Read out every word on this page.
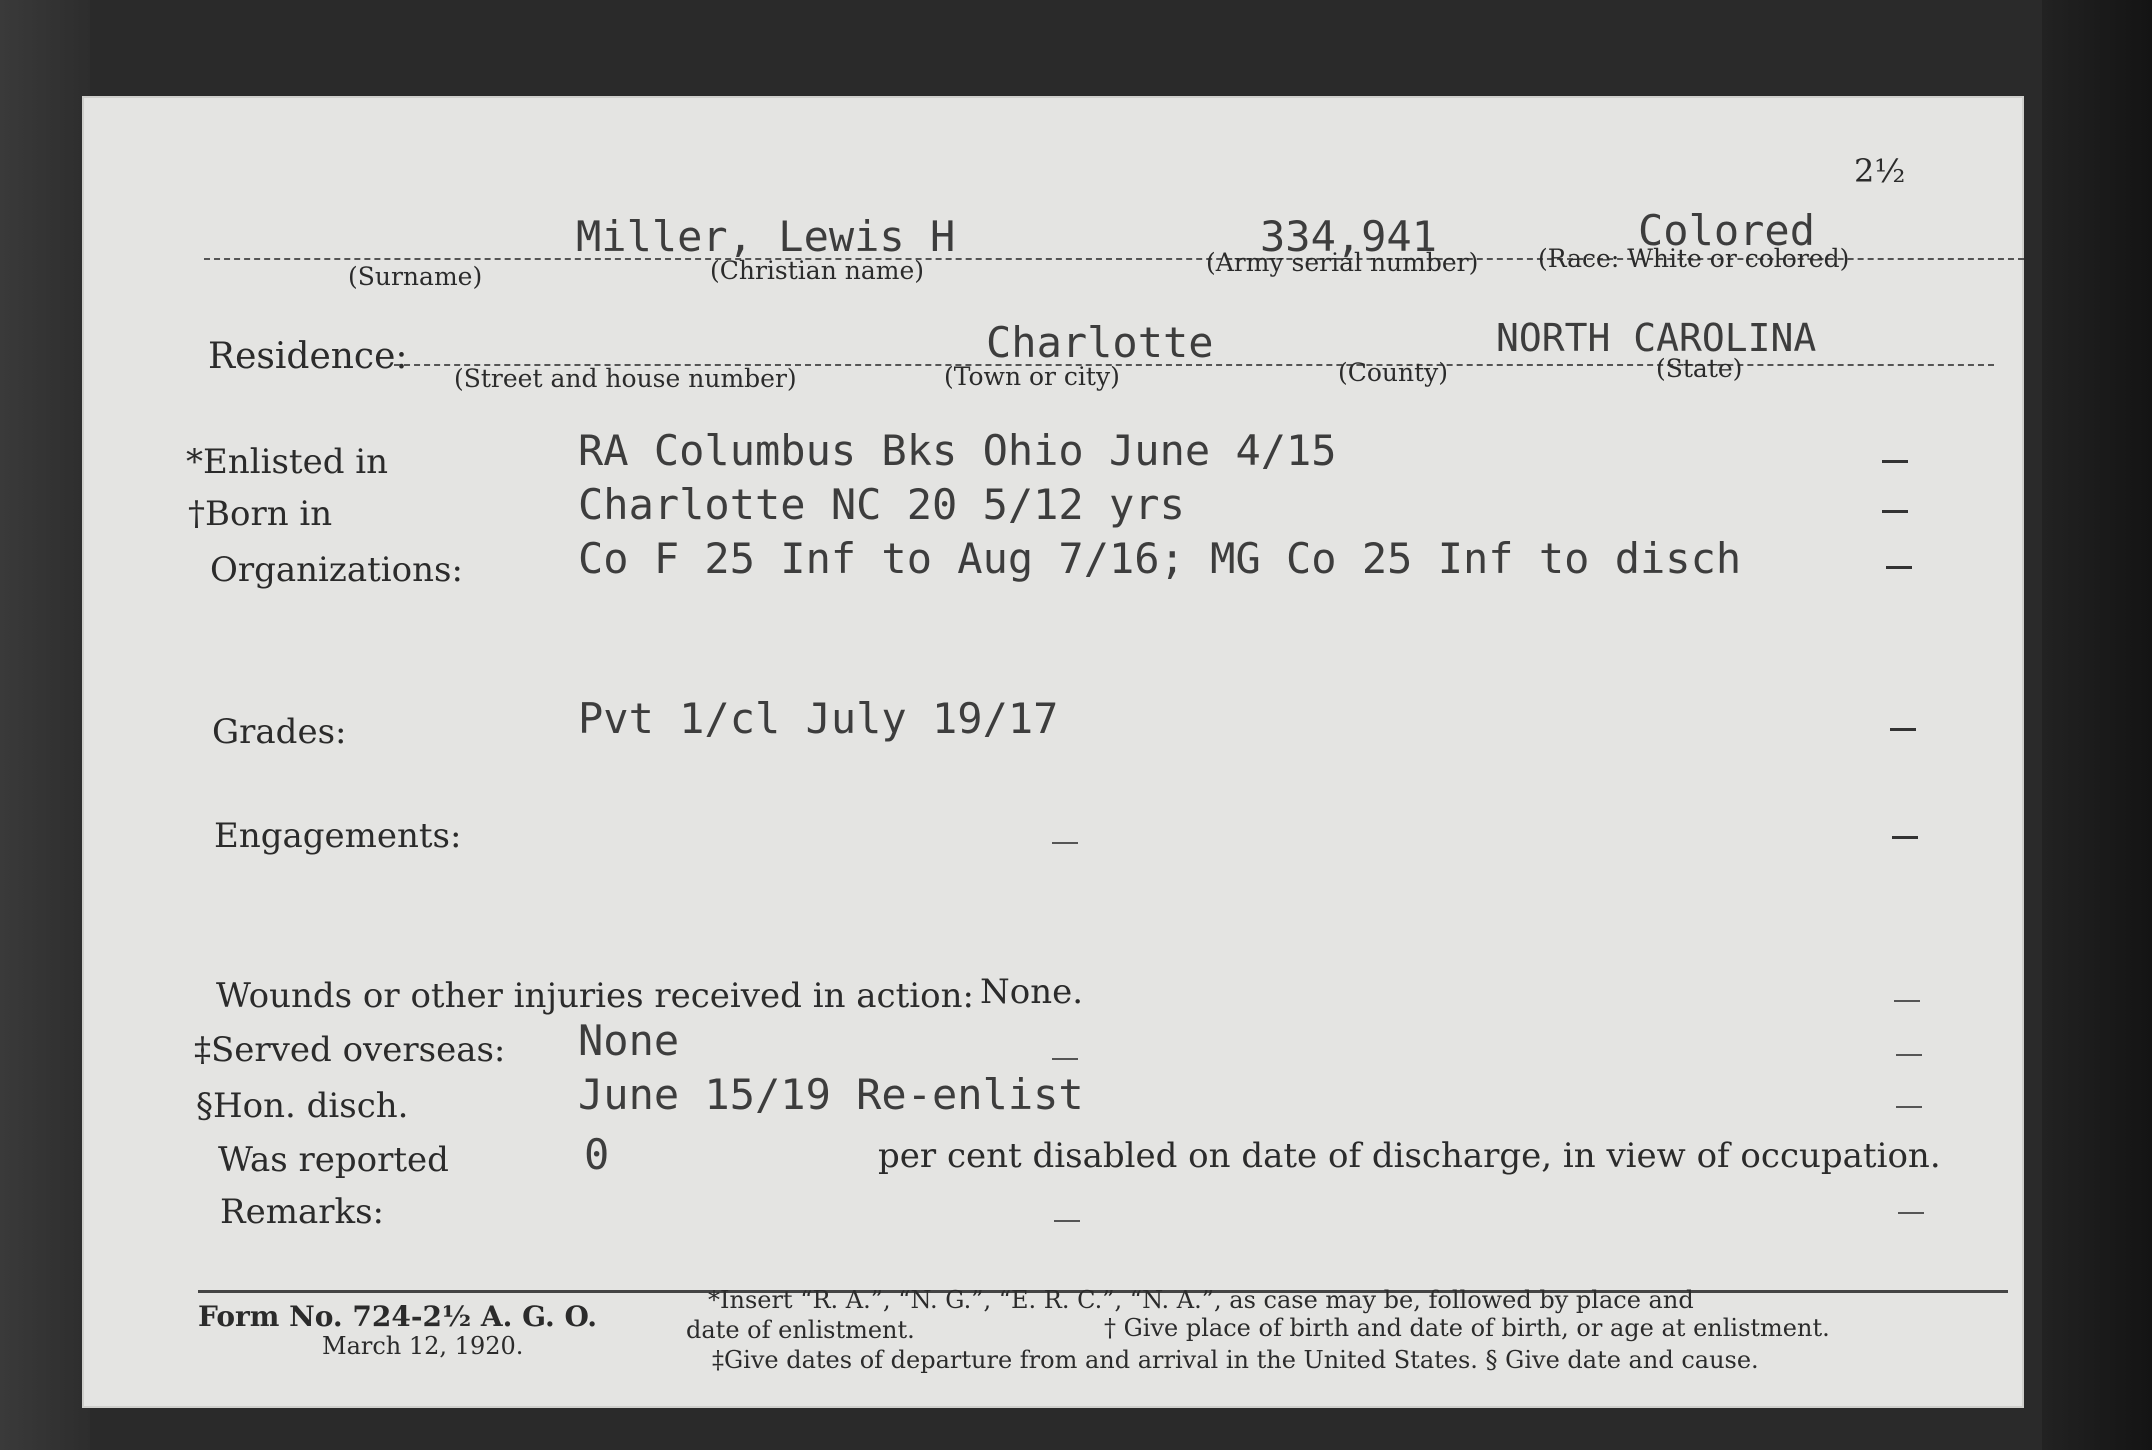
2½
Miller, Lewis H	334,941	Colored
(Surname)	(Christian name)	(Army serial number) (Race: White or colored)
Residence:	Charlotte	NORTH CAROLINA
(Street and house number)	(Town or city)	(County)	(State)
*Enlisted in	RA Columbus Bks Ohio June 4/15
†Born in	Charlotte NC 20 5/12 yrs
Organizations:	Co F 25 Inf to Aug 7/16; MG Co 25 Inf to disch
Grades:	Pvt 1/cl July 19/17
Engagements:
Wounds or other injuries received in action: None.
‡Served overseas: None
§Hon. disch.	June 15/19 Re-enlist
Was reported	0	per cent disabled on date of discharge, in view of occupation.
Remarks:
Form No. 724-2½ A. G. O.
March 12, 1920.
*Insert “R. A.”, “N. G.”, “E. R. C.”, “N. A.”, as case may be, followed by place and
date of enlistment.	† Give place of birth and date of birth, or age at enlistment.
‡Give dates of departure from and arrival in the United States. § Give date and cause.
